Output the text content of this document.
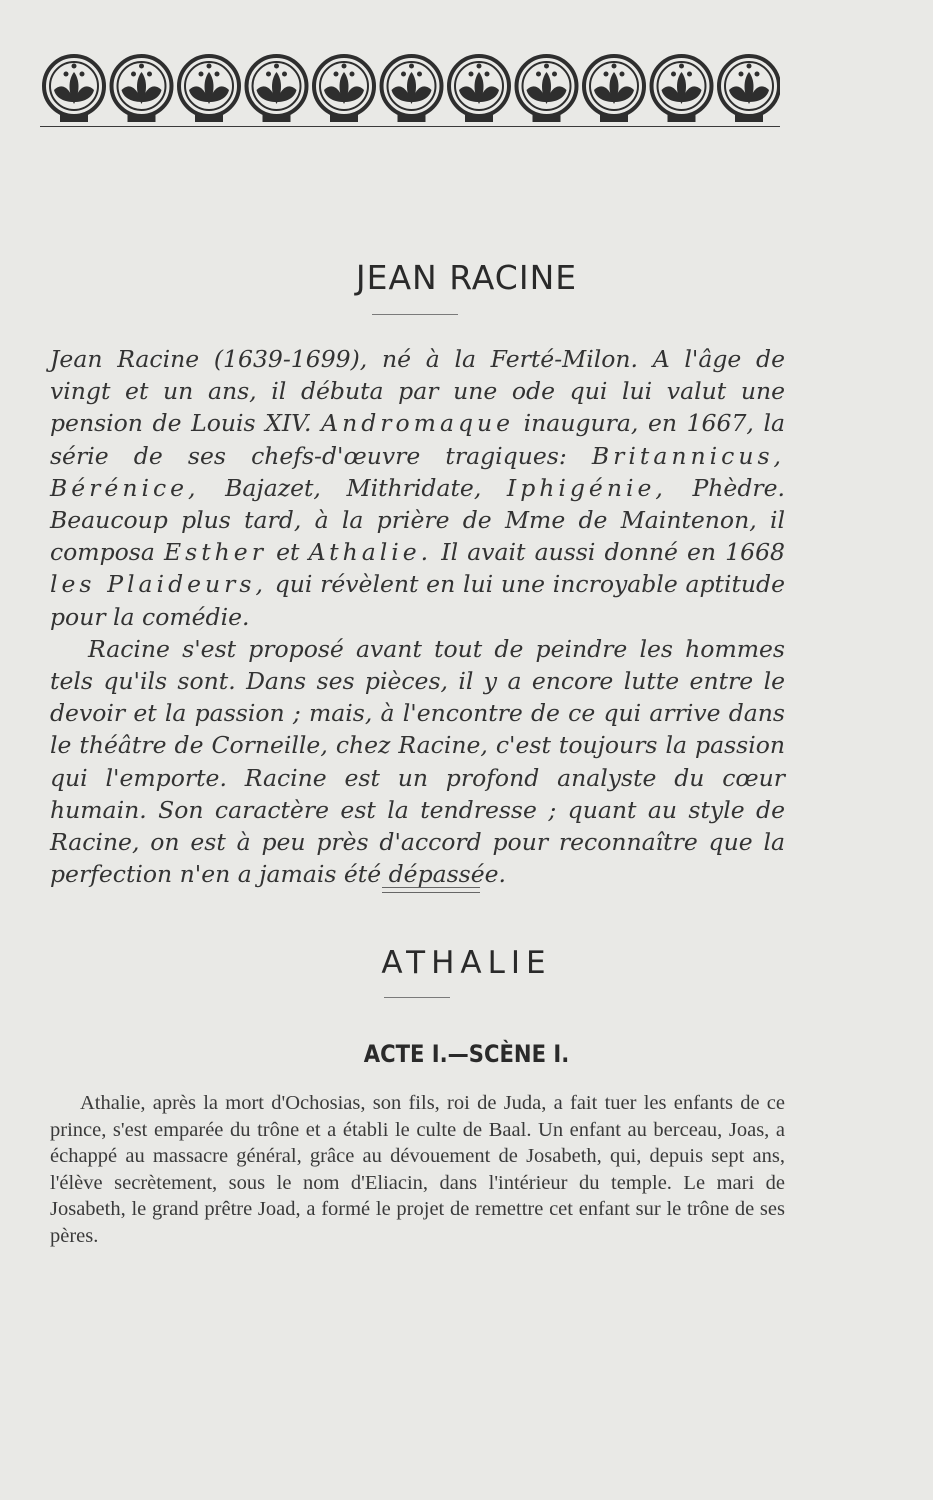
JEAN RACINE

Jean Racine (1639-1699), né à la Ferté-Milon. A l'âge de vingt et un ans, il débuta par une ode qui lui valut une pension de Louis XIV. Andromaque inaugura, en 1667, la série de ses chefs-d'œuvre tragiques: Britannicus, Bérénice, Bajazet, Mithridate, Iphigénie, Phèdre. Beaucoup plus tard, à la prière de Mme de Maintenon, il composa Esther et Athalie. Il avait aussi donné en 1668 les Plaideurs, qui révèlent en lui une incroyable aptitude pour la comédie.

Racine s'est proposé avant tout de peindre les hommes tels qu'ils sont. Dans ses pièces, il y a encore lutte entre le devoir et la passion ; mais, à l'encontre de ce qui arrive dans le théâtre de Corneille, chez Racine, c'est toujours la passion qui l'emporte. Racine est un profond analyste du cœur humain. Son caractère est la tendresse ; quant au style de Racine, on est à peu près d'accord pour reconnaître que la perfection n'en a jamais été dépassée.

ATHALIE
ACTE I.—SCÈNE I.

Athalie, après la mort d'Ochosias, son fils, roi de Juda, a fait tuer les enfants de ce prince, s'est emparée du trône et a établi le culte de Baal. Un enfant au berceau, Joas, a échappé au massacre général, grâce au dévouement de Josabeth, qui, depuis sept ans, l'élève secrètement, sous le nom d'Eliacin, dans l'intérieur du temple. Le mari de Josabeth, le grand prêtre Joad, a formé le projet de remettre cet enfant sur le trône de ses pères.
